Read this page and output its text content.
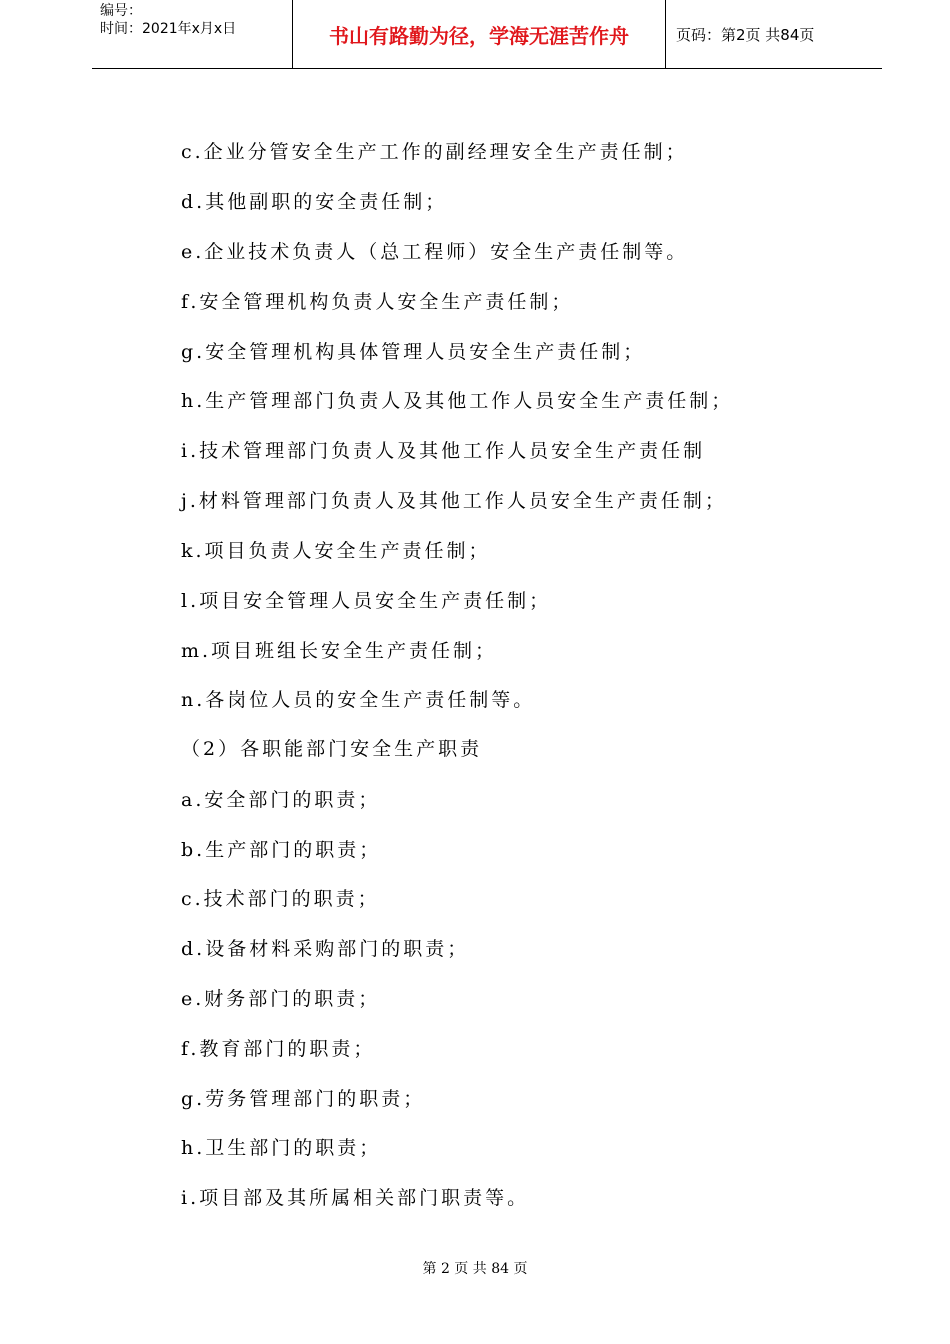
编号：
时间：2021年x月x日	书山有路勤为径，学海无涯苦作舟	页码：第2页 共84页
c.企业分管安全生产工作的副经理安全生产责任制；
d.其他副职的安全责任制；
e.企业技术负责人（总工程师）安全生产责任制等。
f.安全管理机构负责人安全生产责任制；
g.安全管理机构具体管理人员安全生产责任制；
h.生产管理部门负责人及其他工作人员安全生产责任制；
i.技术管理部门负责人及其他工作人员安全生产责任制
j.材料管理部门负责人及其他工作人员安全生产责任制；
k.项目负责人安全生产责任制；
l.项目安全管理人员安全生产责任制；
m.项目班组长安全生产责任制；
n.各岗位人员的安全生产责任制等。
（2）各职能部门安全生产职责
a.安全部门的职责；
b.生产部门的职责；
c.技术部门的职责；
d.设备材料采购部门的职责；
e.财务部门的职责；
f.教育部门的职责；
g.劳务管理部门的职责；
h.卫生部门的职责；
i.项目部及其所属相关部门职责等。
第 2 页 共 84 页
